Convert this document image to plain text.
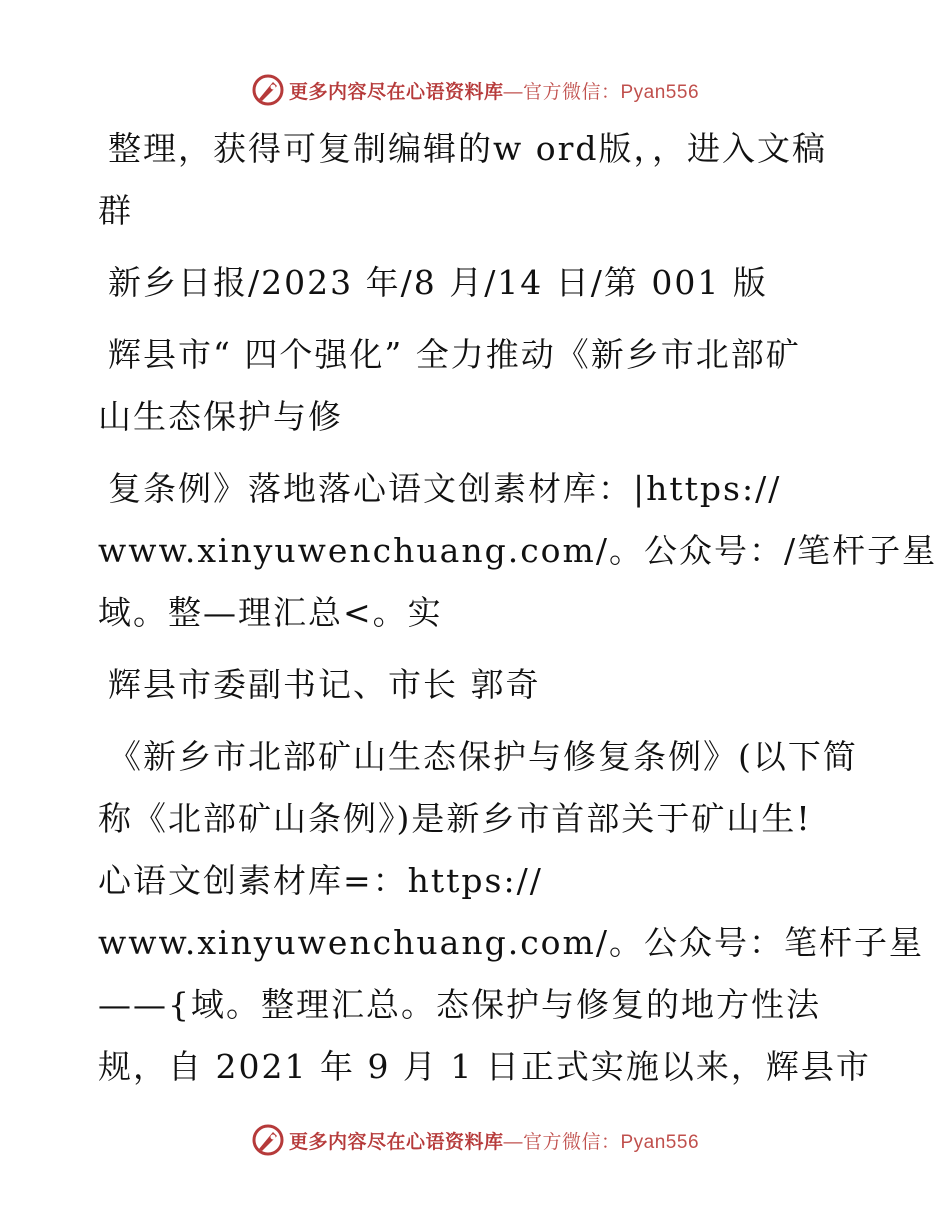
更多内容尽在心语资料库 —官方微信：Pyan556
整理，获得可复制编辑的w ord版，，进入文稿
群
新乡日报/2023 年/8 月/14 日/第 001 版
辉县市“ 四个强化” 全力推动《新乡市北部矿
山生态保护与修
复条例》落地落心语文创素材库：|https://
www.xinyuwenchuang.com/。公众号：/笔杆子星
域。整—理汇总<。实
辉县市委副书记、市长 郭奇
《新乡市北部矿山生态保护与修复条例》(以下简
称《北部矿山条例》)是新乡市首部关于矿山生!
心语文创素材库=：https://
www.xinyuwenchuang.com/。公众号：笔杆子星
——{域。整理汇总。态保护与修复的地方性法
规，自 2021 年 9 月 1 日正式实施以来，辉县市
更多内容尽在心语资料库 —官方微信：Pyan556
